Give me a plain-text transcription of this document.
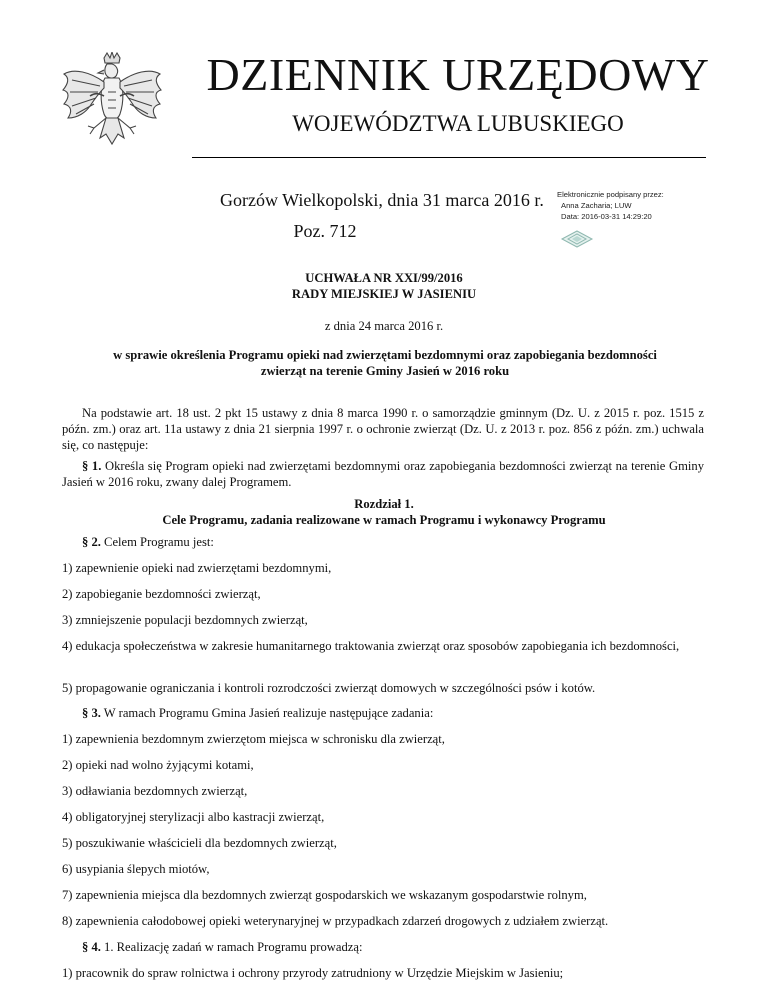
DZIENNIK URZĘDOWY
WOJEWÓDZTWA LUBUSKIEGO
Gorzów Wielkopolski, dnia 31 marca 2016 r.
Poz. 712
Elektronicznie podpisany przez:
Anna Zacharia; LUW
Data: 2016-03-31 14:29:20
UCHWAŁA NR XXI/99/2016
RADY MIEJSKIEJ W JASIENIU
z dnia 24 marca 2016 r.
w sprawie określenia Programu opieki nad zwierzętami bezdomnymi oraz zapobiegania bezdomności
zwierząt na terenie Gminy Jasień w 2016 roku
Na podstawie art. 18 ust. 2 pkt 15 ustawy z dnia 8 marca 1990 r. o samorządzie gminnym (Dz. U. z 2015 r. poz. 1515 z późn. zm.) oraz art. 11a ustawy z dnia 21 sierpnia 1997 r. o ochronie zwierząt (Dz. U. z 2013 r. poz. 856 z późn. zm.) uchwala się, co następuje:
§ 1. Określa się Program opieki nad zwierzętami bezdomnymi oraz zapobiegania bezdomności zwierząt na terenie Gminy Jasień w 2016 roku, zwany dalej Programem.
Rozdział 1.
Cele Programu, zadania realizowane w ramach Programu i wykonawcy Programu
§ 2. Celem Programu jest:
1) zapewnienie opieki nad zwierzętami bezdomnymi,
2) zapobieganie bezdomności zwierząt,
3) zmniejszenie populacji bezdomnych zwierząt,
4) edukacja społeczeństwa w zakresie humanitarnego traktowania zwierząt oraz sposobów zapobiegania ich bezdomności,
5) propagowanie ograniczania i kontroli rozrodczości zwierząt domowych w szczególności psów i kotów.
§ 3. W ramach Programu Gmina Jasień realizuje następujące zadania:
1) zapewnienia bezdomnym zwierzętom miejsca w schronisku dla zwierząt,
2) opieki nad wolno żyjącymi kotami,
3) odławiania bezdomnych zwierząt,
4) obligatoryjnej sterylizacji albo kastracji zwierząt,
5) poszukiwanie właścicieli dla bezdomnych zwierząt,
6) usypiania ślepych miotów,
7) zapewnienia miejsca dla bezdomnych zwierząt gospodarskich we wskazanym gospodarstwie rolnym,
8) zapewnienia całodobowej opieki weterynaryjnej w przypadkach zdarzeń drogowych z udziałem zwierząt.
§ 4. 1. Realizację zadań w ramach Programu prowadzą:
1) pracownik do spraw rolnictwa i ochrony przyrody zatrudniony w Urzędzie Miejskim w Jasieniu;
